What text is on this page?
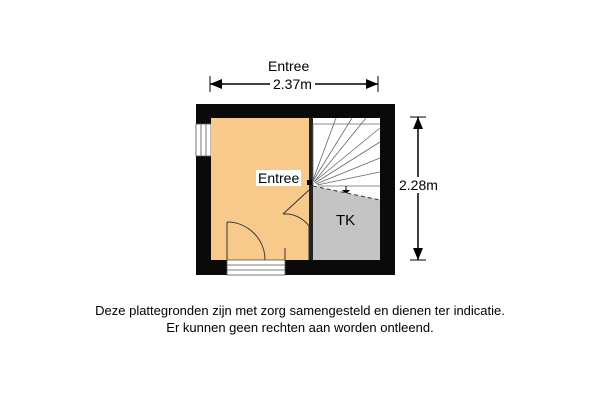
Entree
2.37m
2.28m
Entree
TK
Deze plattegronden zijn met zorg samengesteld en dienen ter indicatie.
Er kunnen geen rechten aan worden ontleend.
